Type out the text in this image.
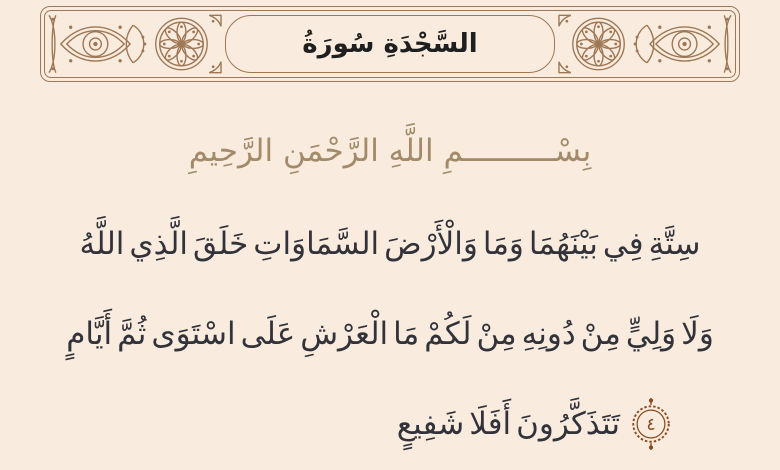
سُورَةُ السَّجْدَةِ
بِسْــــــــــمِ اللَّهِ الرَّحْمَنِ الرَّحِيمِ
اللَّهُ الَّذِي خَلَقَ السَّمَاوَاتِ وَالْأَرْضَ وَمَا بَيْنَهُمَا فِي سِتَّةِ
أَيَّامٍ ثُمَّ اسْتَوَى عَلَى الْعَرْشِ مَا لَكُمْ مِنْ دُونِهِ مِنْ وَلِيٍّ وَلَا
شَفِيعٍ أَفَلَا تَتَذَكَّرُونَ ٤
